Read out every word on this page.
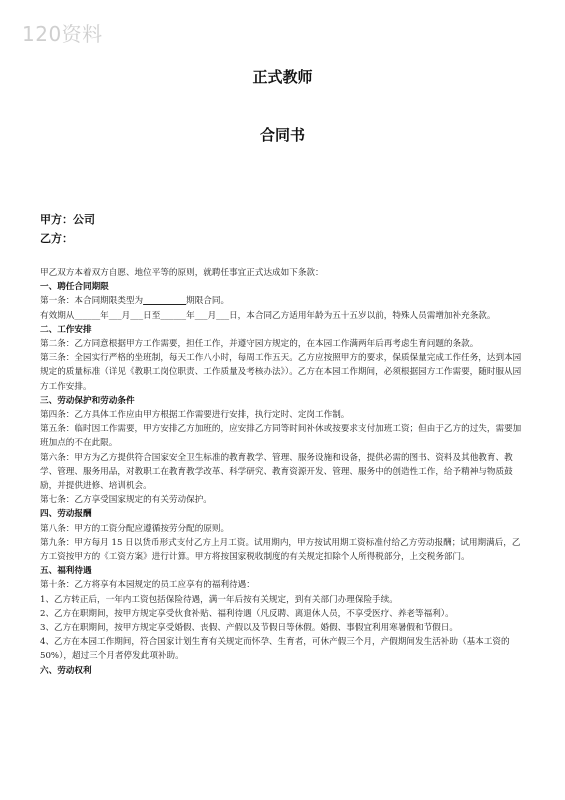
120资料
正式教师
合同书
甲方：公司
乙方：

甲乙双方本着双方自愿、地位平等的原则，就聘任事宜正式达成如下条款：

一、聘任合同期限

第一条：本合同期限类型为__________期限合同。

有效期从______年___月___日至______年___月___日，本合同乙方适用年龄为五十五岁以前，特殊人员需增加补充条款。

二、工作安排

第二条：乙方同意根据甲方工作需要，担任工作，并遵守园方规定的，在本园工作满两年后再考虑生育问题的条款。

第三条：全园实行严格的坐班制，每天工作八小时，每周工作五天。乙方应按照甲方的要求，保质保量完成工作任务，达到本园规定的质量标准（详见《教职工岗位职责、工作质量及考核办法》）。乙方在本园工作期间，必须根据园方工作需要，随时服从园方工作安排。

三、劳动保护和劳动条件

第四条：乙方具体工作应由甲方根据工作需要进行安排，执行定时、定岗工作制。

第五条：临时因工作需要，甲方安排乙方加班的，应安排乙方同等时间补休或按要求支付加班工资；但由于乙方的过失，需要加班加点的不在此限。

第六条：甲方为乙方提供符合国家安全卫生标准的教育教学、管理、服务设施和设备，提供必需的图书、资料及其他教育、教学、管理、服务用品，对教职工在教育教学改革、科学研究、教育资源开发、管理、服务中的创造性工作，给予精神与物质鼓励，并提供进修、培训机会。

第七条：乙方享受国家规定的有关劳动保护。

四、劳动报酬

第八条：甲方的工资分配应遵循按劳分配的原则。

第九条：甲方每月 15 日以货币形式支付乙方上月工资。试用期内，甲方按试用期工资标准付给乙方劳动报酬；试用期满后，乙方工资按甲方的《工资方案》进行计算。甲方将按国家税收制度的有关规定扣除个人所得税部分，上交税务部门。

五、福利待遇

第十条：乙方将享有本园规定的员工应享有的福利待遇：

1、乙方转正后，一年内工资包括保险待遇，满一年后按有关规定，到有关部门办理保险手续。

2、乙方在职期间，按甲方规定享受伙食补贴、福利待遇（凡反聘、离退休人员，不享受医疗、养老等福利）。

3、乙方在职期间，按甲方规定享受婚假、丧假、产假以及节假日等休假。婚假、事假宜利用寒暑假和节假日。

4、乙方在本园工作期间，符合国家计划生育有关规定而怀孕、生育者，可休产假三个月，产假期间发生活补助（基本工资的 50%），超过三个月者停发此项补助。

六、劳动权利
